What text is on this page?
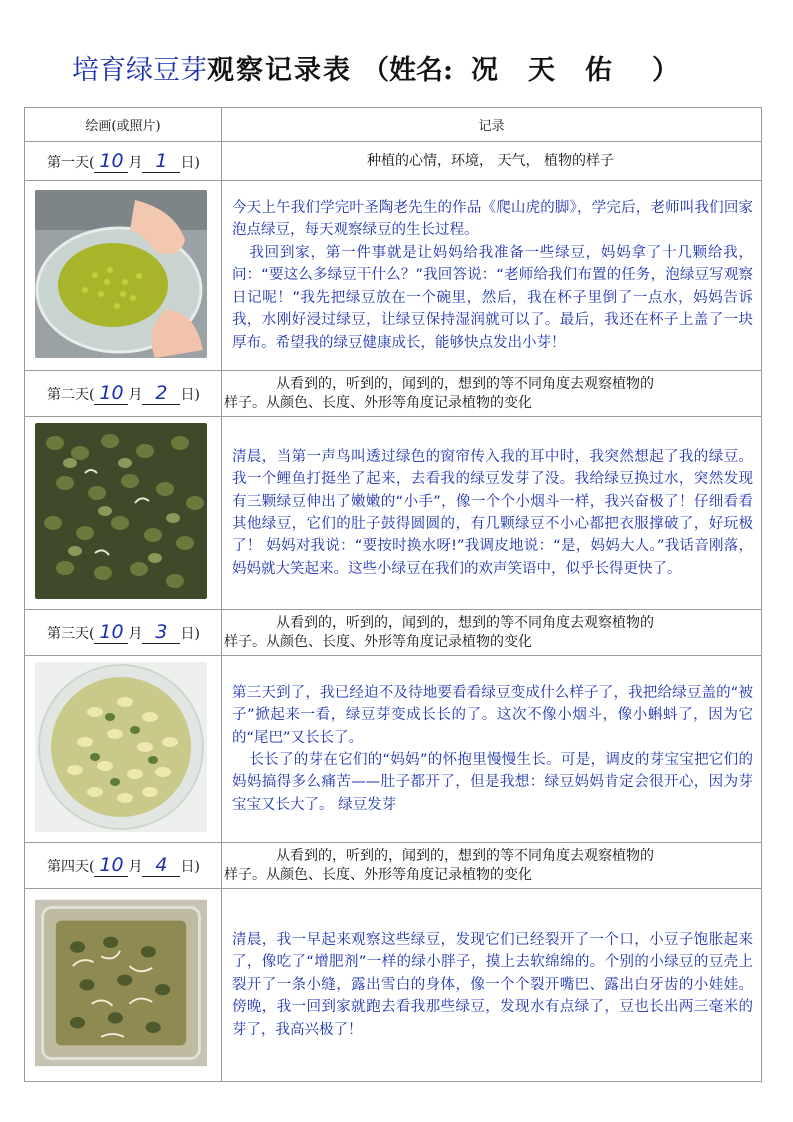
培育绿豆芽观察记录表 （姓名: 况天佑 ）
绘画(或照片)	记录
第一天( 10 月 1 日)	种植的心情，环境， 天气， 植物的样子

今天上午我们学完叶圣陶老先生的作品《爬山虎的脚》，学完后，老师叫我们回家泡点绿豆，每天观察绿豆的生长过程。

我回到家，第一件事就是让妈妈给我准备一些绿豆，妈妈拿了十几颗给我，问：“要这么多绿豆干什么？”我回答说：“老师给我们布置的任务，泡绿豆写观察日记呢！”我先把绿豆放在一个碗里，然后，我在杯子里倒了一点水，妈妈告诉我，水刚好浸过绿豆，让绿豆保持湿润就可以了。最后，我还在杯子上盖了一块厚布。希望我的绿豆健康成长，能够快点发出小芽！

第二天( 10 月 2 日)	从看到的，听到的，闻到的，想到的等不同角度去观察植物的
样子。从颜色、长度、外形等角度记录植物的变化

清晨，当第一声鸟叫透过绿色的窗帘传入我的耳中时，我突然想起了我的绿豆。我一个鲤鱼打挺坐了起来，去看我的绿豆发芽了没。我给绿豆换过水，突然发现有三颗绿豆伸出了嫩嫩的“小手”，像一个个小烟斗一样，我兴奋极了！仔细看看其他绿豆，它们的肚子鼓得圆圆的，有几颗绿豆不小心都把衣服撑破了，好玩极了！ 妈妈对我说：“要按时换水呀!”我调皮地说：“是，妈妈大人。”我话音刚落，妈妈就大笑起来。这些小绿豆在我们的欢声笑语中，似乎长得更快了。

第三天( 10 月 3 日)	从看到的，听到的，闻到的，想到的等不同角度去观察植物的
样子。从颜色、长度、外形等角度记录植物的变化

第三天到了，我已经迫不及待地要看看绿豆变成什么样子了，我把给绿豆盖的“被子”掀起来一看，绿豆芽变成长长的了。这次不像小烟斗，像小蝌蚪了，因为它的“尾巴”又长长了。

长长了的芽在它们的“妈妈”的怀抱里慢慢生长。可是，调皮的芽宝宝把它们的妈妈搞得多么痛苦——肚子都开了，但是我想：绿豆妈妈肯定会很开心，因为芽宝宝又长大了。 绿豆发芽

第四天( 10 月 4 日)	从看到的，听到的，闻到的，想到的等不同角度去观察植物的
样子。从颜色、长度、外形等角度记录植物的变化

清晨，我一早起来观察这些绿豆，发现它们已经裂开了一个口，小豆子饱胀起来了，像吃了“增肥剂”一样的绿小胖子，摸上去软绵绵的。个别的小绿豆的豆壳上裂开了一条小缝，露出雪白的身体，像一个个裂开嘴巴、露出白牙齿的小娃娃。傍晚，我一回到家就跑去看我那些绿豆，发现水有点绿了，豆也长出两三毫米的芽了，我高兴极了！
